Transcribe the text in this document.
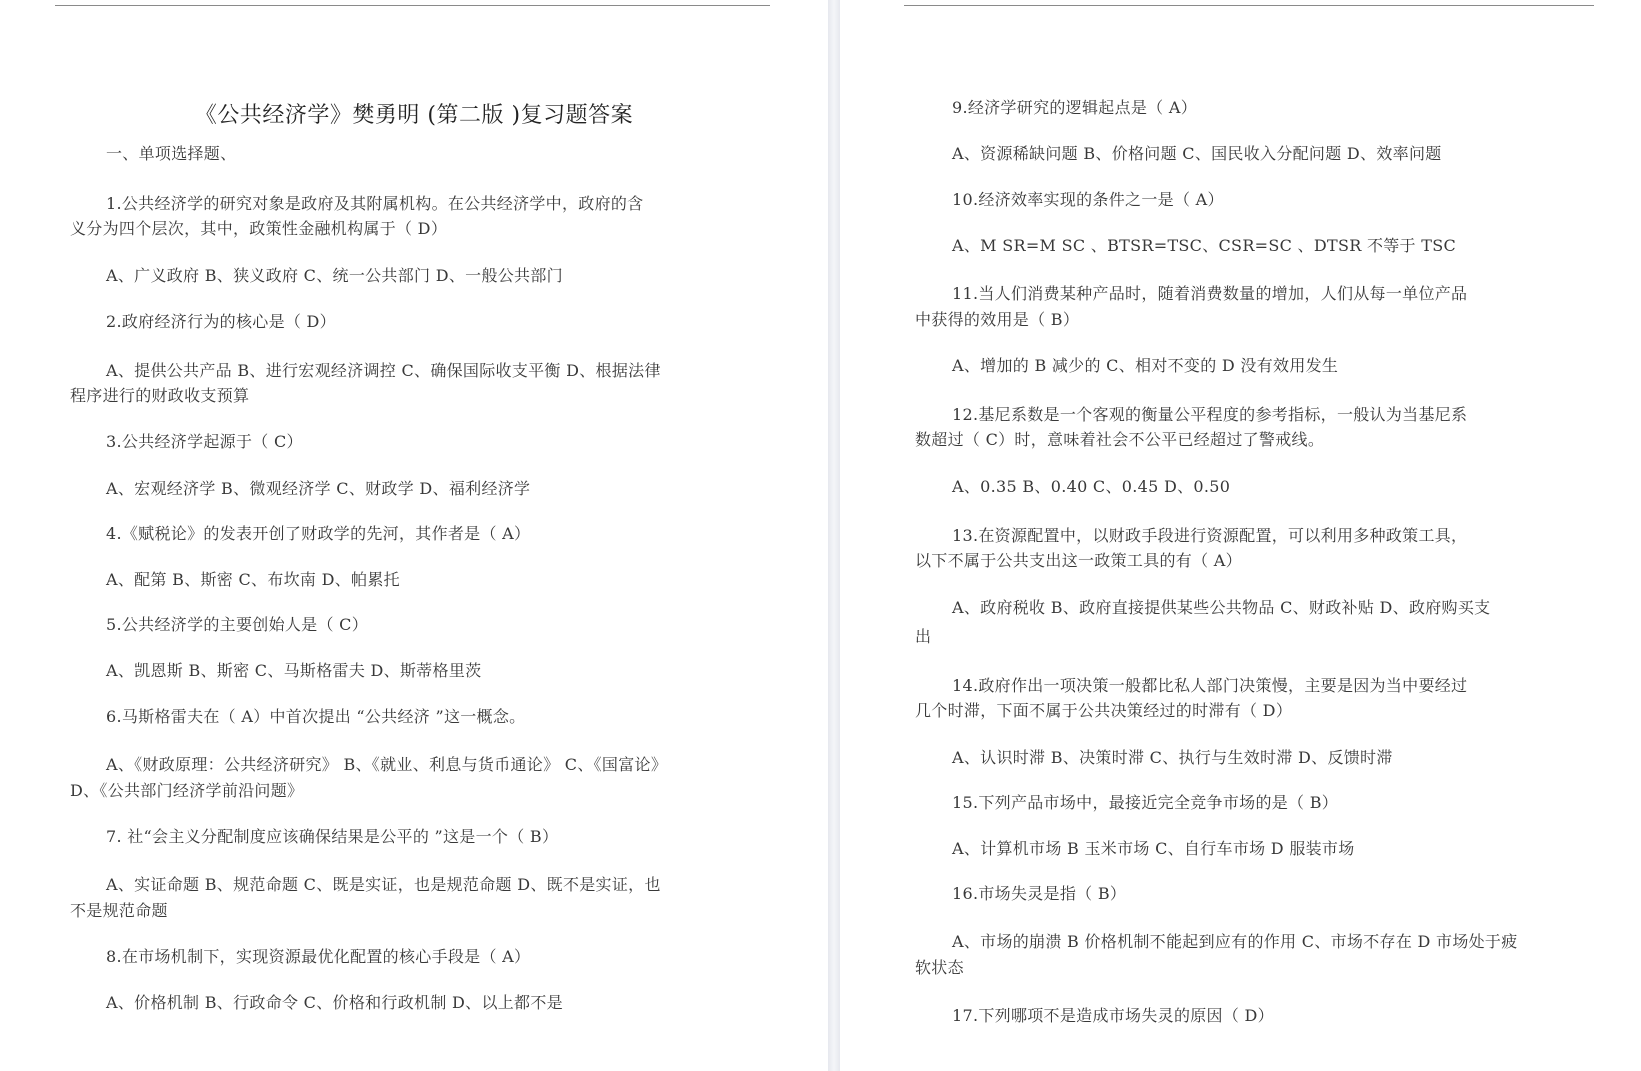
《公共经济学》樊勇明 (第二版 )复习题答案
一、单项选择题、
1.公共经济学的研究对象是政府及其附属机构。在公共经济学中，政府的含
义分为四个层次，其中，政策性金融机构属于（ D）
A、广义政府 B、狭义政府 C、统一公共部门 D、一般公共部门
2.政府经济行为的核心是（ D）
A、提供公共产品 B、进行宏观经济调控 C、确保国际收支平衡 D、根据法律
程序进行的财政收支预算
3.公共经济学起源于（ C）
A、宏观经济学 B、微观经济学 C、财政学 D、福利经济学
4.《赋税论》的发表开创了财政学的先河，其作者是（ A）
A、配第 B、斯密 C、布坎南 D、帕累托
5.公共经济学的主要创始人是（ C）
A、凯恩斯 B、斯密 C、马斯格雷夫 D、斯蒂格里茨
6.马斯格雷夫在（ A）中首次提出 “公共经济 ”这一概念。
A、《财政原理：公共经济研究》 B、《就业、利息与货币通论》 C、《国富论》
D、《公共部门经济学前沿问题》
7. 社“会主义分配制度应该确保结果是公平的 ”这是一个（ B）
A、实证命题 B、规范命题 C、既是实证，也是规范命题 D、既不是实证，也
不是规范命题
8.在市场机制下，实现资源最优化配置的核心手段是（ A）
A、价格机制 B、行政命令 C、价格和行政机制 D、以上都不是
9.经济学研究的逻辑起点是（ A）
A、资源稀缺问题 B、价格问题 C、国民收入分配问题 D、效率问题
10.经济效率实现的条件之一是（ A）
A、M SR=M SC 、BTSR=TSC、CSR=SC 、DTSR 不等于 TSC
11.当人们消费某种产品时，随着消费数量的增加，人们从每一单位产品
中获得的效用是（ B）
A、增加的 B 减少的 C、相对不变的 D 没有效用发生
12.基尼系数是一个客观的衡量公平程度的参考指标，一般认为当基尼系
数超过（ C）时，意味着社会不公平已经超过了警戒线。
A、0.35 B、0.40 C、0.45 D、0.50
13.在资源配置中，以财政手段进行资源配置，可以利用多种政策工具，
以下不属于公共支出这一政策工具的有（ A）
A、政府税收 B、政府直接提供某些公共物品 C、财政补贴 D、政府购买支
出
14.政府作出一项决策一般都比私人部门决策慢，主要是因为当中要经过
几个时滞，下面不属于公共决策经过的时滞有（ D）
A、认识时滞 B、决策时滞 C、执行与生效时滞 D、反馈时滞
15.下列产品市场中，最接近完全竞争市场的是（ B）
A、计算机市场 B 玉米市场 C、自行车市场 D 服装市场
16.市场失灵是指（ B）
A、市场的崩溃 B 价格机制不能起到应有的作用 C、市场不存在 D 市场处于疲
软状态
17.下列哪项不是造成市场失灵的原因（ D）
